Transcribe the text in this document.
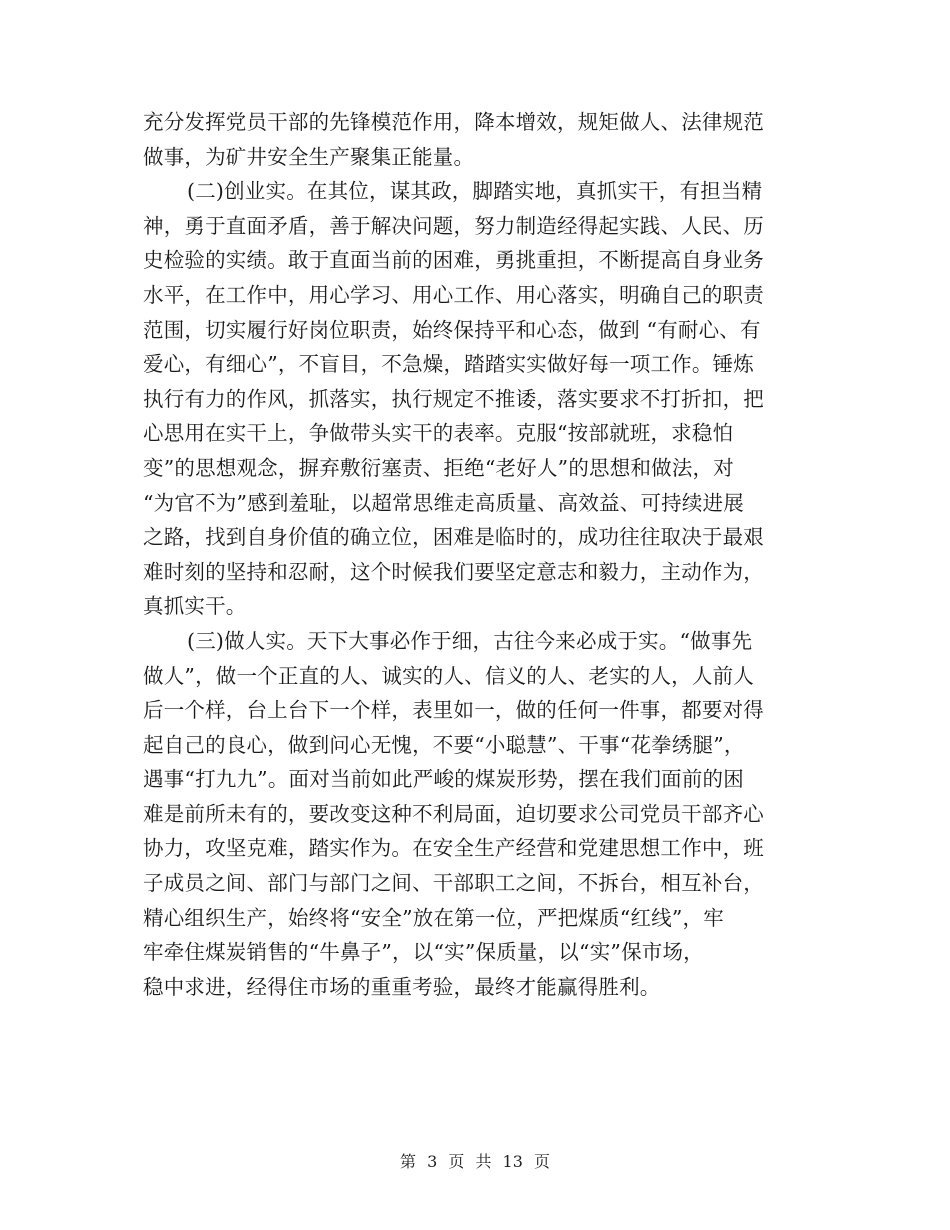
充分发挥党员干部的先锋模范作用，降本增效，规矩做人、法律规范
做事，为矿井安全生产聚集正能量。
(二)创业实。在其位，谋其政，脚踏实地，真抓实干，有担当精
神，勇于直面矛盾，善于解决问题，努力制造经得起实践、人民、历
史检验的实绩。敢于直面当前的困难，勇挑重担，不断提高自身业务
水平，在工作中，用心学习、用心工作、用心落实，明确自己的职责
范围，切实履行好岗位职责，始终保持平和心态，做到 “有耐心、有
爱心，有细心”，不盲目，不急燥，踏踏实实做好每一项工作。锤炼
执行有力的作风，抓落实，执行规定不推诿，落实要求不打折扣，把
心思用在实干上，争做带头实干的表率。克服“按部就班，求稳怕
变”的思想观念，摒弃敷衍塞责、拒绝“老好人”的思想和做法，对
“为官不为”感到羞耻，以超常思维走高质量、高效益、可持续进展
之路，找到自身价值的确立位，困难是临时的，成功往往取决于最艰
难时刻的坚持和忍耐，这个时候我们要坚定意志和毅力，主动作为，
真抓实干。
(三)做人实。天下大事必作于细，古往今来必成于实。“做事先
做人”，做一个正直的人、诚实的人、信义的人、老实的人，人前人
后一个样，台上台下一个样，表里如一，做的任何一件事，都要对得
起自己的良心，做到问心无愧，不要“小聪慧”、干事“花拳绣腿”，
遇事“打九九”。面对当前如此严峻的煤炭形势，摆在我们面前的困
难是前所未有的，要改变这种不利局面，迫切要求公司党员干部齐心
协力，攻坚克难，踏实作为。在安全生产经营和党建思想工作中，班
子成员之间、部门与部门之间、干部职工之间，不拆台，相互补台，
精心组织生产，始终将“安全”放在第一位，严把煤质“红线”，牢
牢牵住煤炭销售的“牛鼻子”，以“实”保质量，以“实”保市场，
稳中求进，经得住市场的重重考验，最终才能赢得胜利。
第 3 页 共 13 页
